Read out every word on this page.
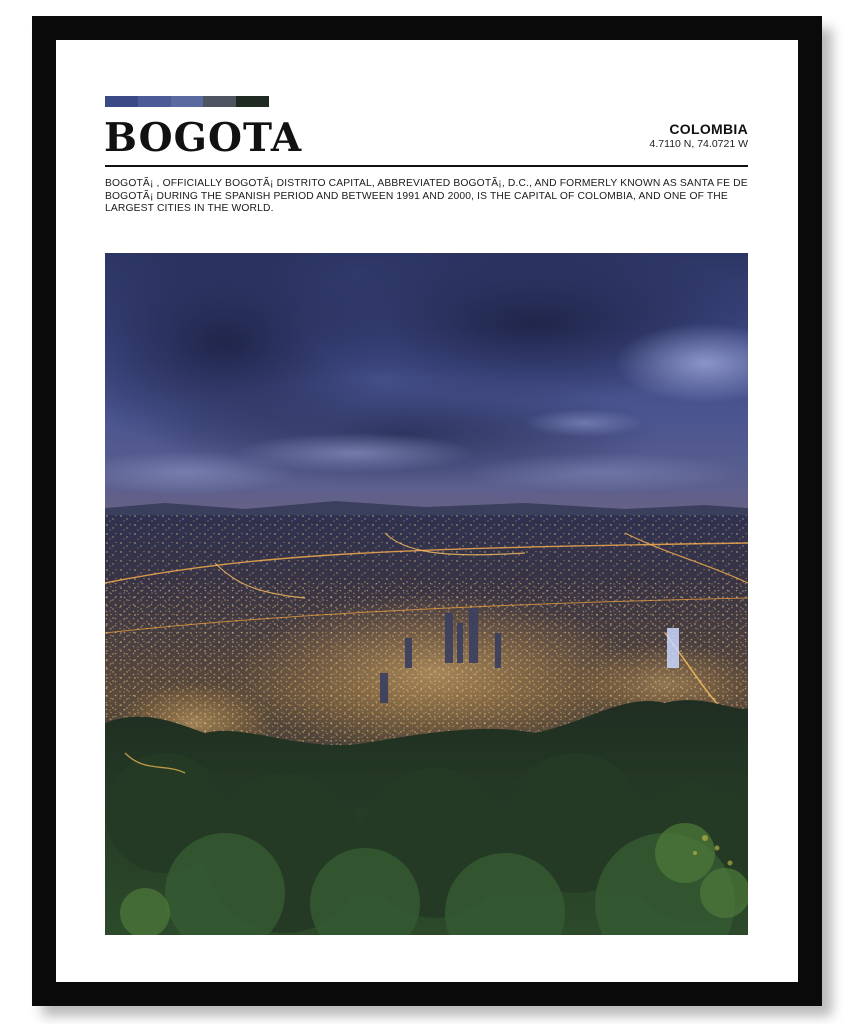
BOGOTA	COLOMBIA
4.7110 N, 74.0721 W

BOGOTÃ¡ , OFFICIALLY BOGOTÃ¡ DISTRITO CAPITAL, ABBREVIATED BOGOTÃ¡, D.C., AND FORMERLY KNOWN AS SANTA FE DE BOGOTÃ¡ DURING THE SPANISH PERIOD AND BETWEEN 1991 AND 2000, IS THE CAPITAL OF COLOMBIA, AND ONE OF THE LARGEST CITIES IN THE WORLD.
